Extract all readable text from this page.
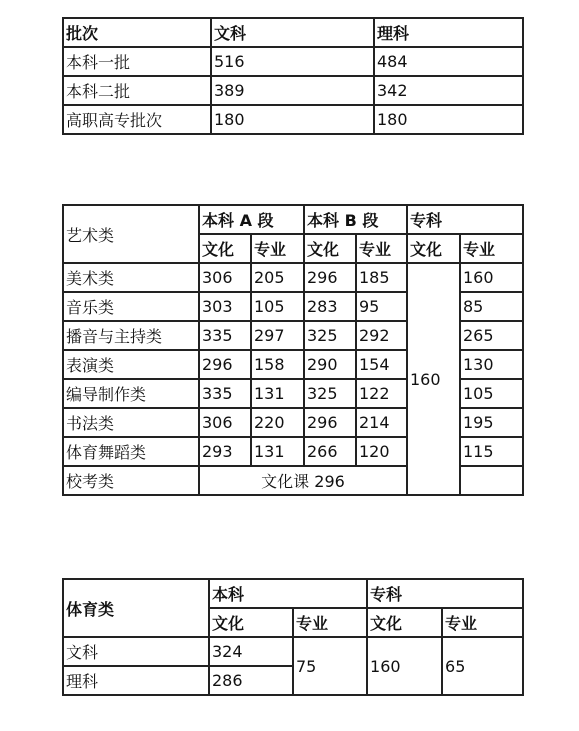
批次	文科	理科
本科一批	516	484
本科二批	389	342
高职高专批次	180	180
艺术类	本科 A 段		本科 B 段		专科	
	文化	专业	文化	专业	文化	专业
美术类	306	205	296	185	160	160
音乐类	303	105	283	95		85
播音与主持类	335	297	325	292		265
表演类	296	158	290	154		130
编导制作类	335	131	325	122		105
书法类	306	220	296	214		195
体育舞蹈类	293	131	266	120		115
校考类	文化课 296					
体育类	本科		专科	
	文化	专业	文化	专业
文科	324	75	160	65
理科	286			
